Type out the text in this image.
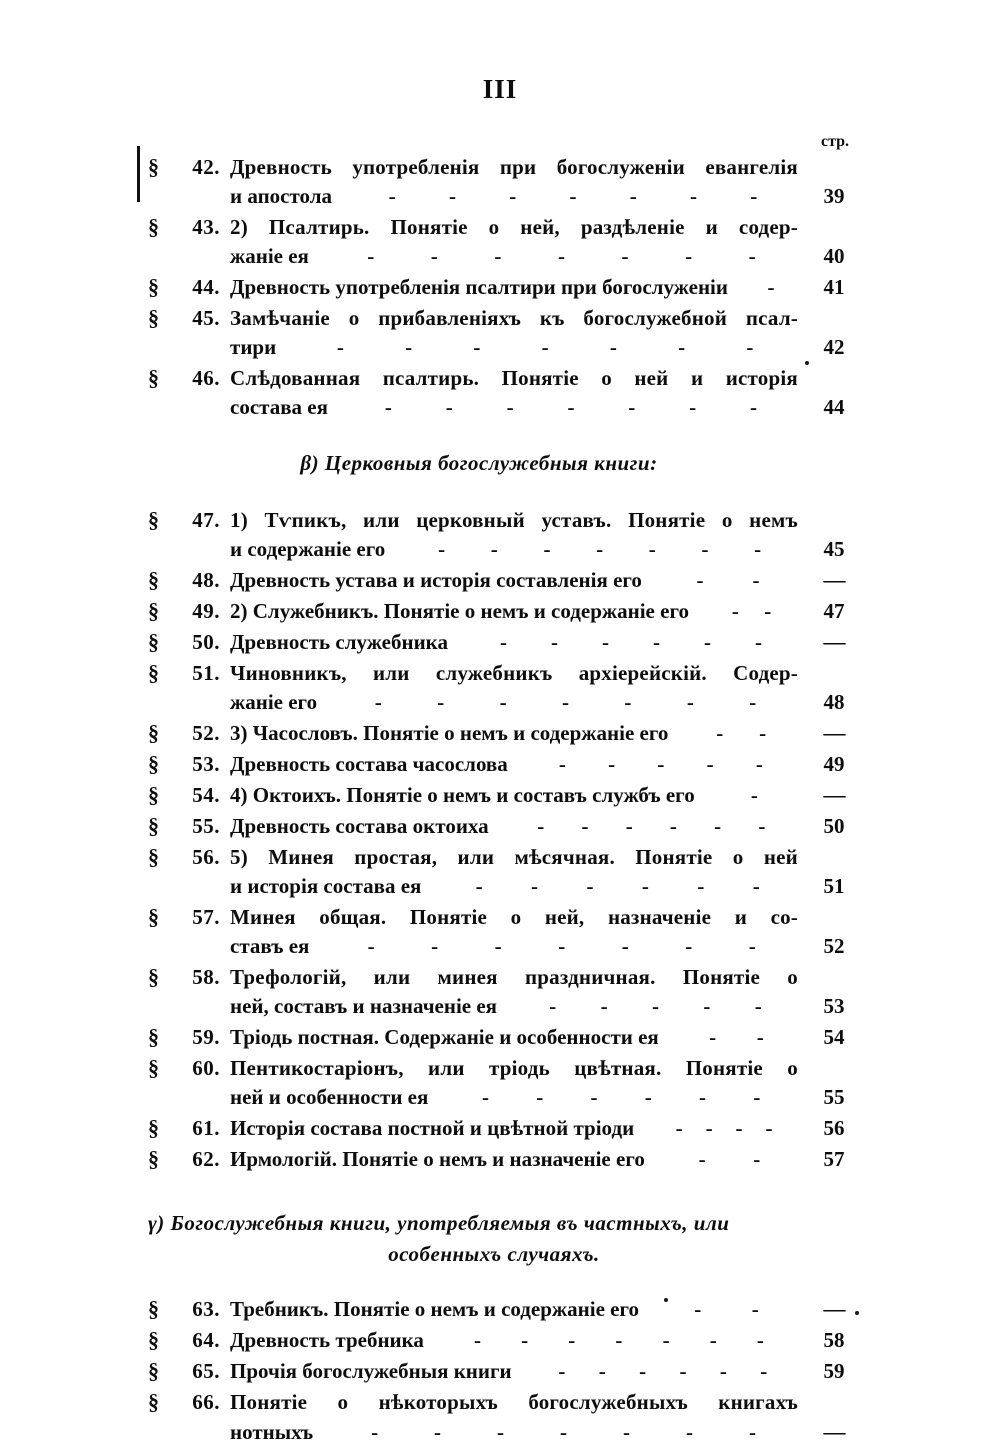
III
стр.
§	42. Древность употребленія при богослуженіи евангелія
и апостола	-	-	-	-	-	-	-	39
§	43. 2) Псалтирь. Понятіе о ней, раздѣленіе и содер-
жаніе ея	-	-	-	-	-	-	-	40
§	44. Древность употребленія псалтири при богослуженіи -	41
§	45. Замѣчаніе о прибавленіяхъ къ богослужебной псал-
тири	-	-	-	-	-	-	-	42
§	46. Слѣдованная псалтирь. Понятіе о ней и исторія
состава ея	-	-	-	-	-	-	-	44
β) Церковныя богослужебныя книги:
§	47. 1) Тѵпикъ, или церковный уставъ. Понятіе о немъ
и содержаніе его	- - - - - - -	45
§	48. Древность устава и исторія составленія его	- -	—
§	49. 2) Служебникъ. Понятіе о немъ и содержаніе его - -	47
§	50. Древность служебника - - - - - -	—
§	51. Чиновникъ, или служебникъ архіерейскій. Содер-
жаніе его	-	-	-	-	-	-	-	48
§	52. 3) Часословъ. Понятіе о немъ и содержаніе его - -	—
§	53. Древность состава часослова - - - - -	49
§	54. 4) Октоихъ. Понятіе о немъ и составъ службъ его	-	—
§	55. Древность состава октоиха - - - - - -	50
§	56. 5) Минея простая, или мѣсячная. Понятіе о ней
и исторія состава ея	- - - - - -	51
§	57. Минея общая. Понятіе о ней, назначеніе и со-
ставъ ея	-	-	-	-	-	-	-	52
§	58. Трефологій, или минея праздничная. Понятіе о
ней, составъ и назначеніе ея - - - - -	53
§	59. Тріодь постная. Содержаніе и особенности ея - -	54
§	60. Пентикостаріонъ, или тріодь цвѣтная. Понятіе о
ней и особенности ея	- - - - - -	55
§	61. Исторія состава постной и цвѣтной тріоди - - - -	56
§	62. Ирмологій. Понятіе о немъ и назначеніе его	- -	57
γ) Богослужебныя книги, употребляемыя въ частныхъ, или
особенныхъ случаяхъ.
§	63. Требникъ. Понятіе о немъ и содержаніе его	- -	—
§	64. Древность требника - - - - - - -	58
§	65. Прочія богослужебныя книги - - - - - -	59
§	66. Понятіе о нѣкоторыхъ богослужебныхъ книгахъ
нотныхъ	-	-	-	-	-	-	-	—
